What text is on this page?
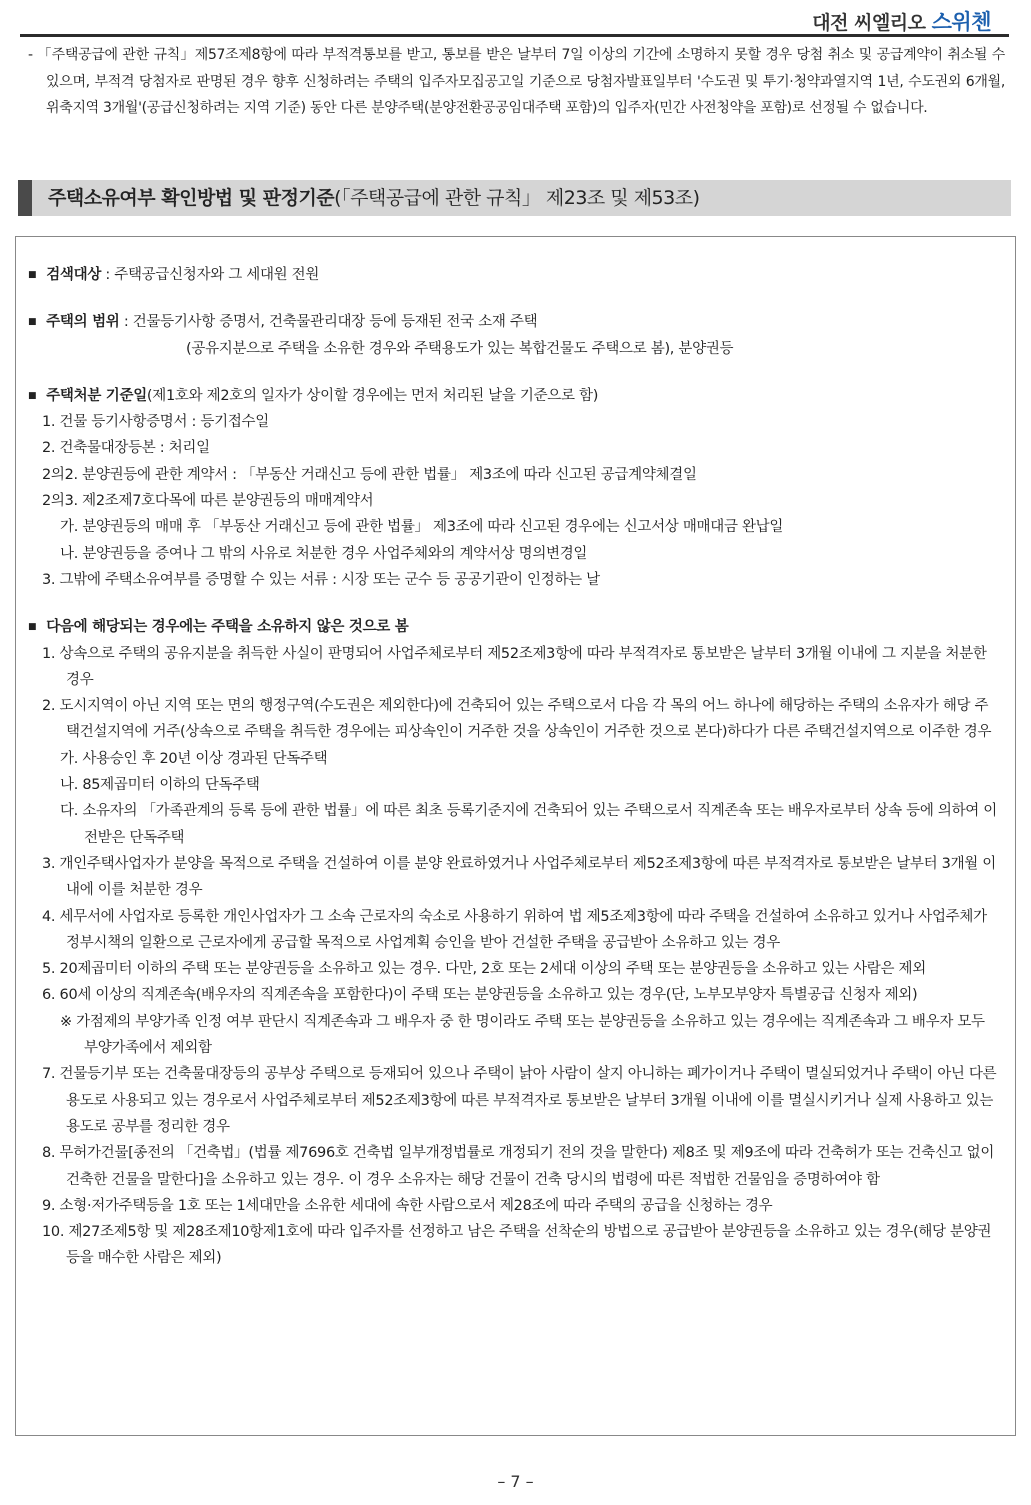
대전 씨엘리오 스위첸

- 「주택공급에 관한 규칙」제57조제8항에 따라 부적격통보를 받고, 통보를 받은 날부터 7일 이상의 기간에 소명하지 못할 경우 당첨 취소 및 공급계약이 취소될 수 있으며, 부적격 당첨자로 판명된 경우 향후 신청하려는 주택의 입주자모집공고일 기준으로 당첨자발표일부터 '수도권 및 투기·청약과열지역 1년, 수도권외 6개월, 위축지역 3개월'(공급신청하려는 지역 기준) 동안 다른 분양주택(분양전환공공임대주택 포함)의 입주자(민간 사전청약을 포함)로 선정될 수 없습니다.

주택소유여부 확인방법 및 판정기준(「주택공급에 관한 규칙」 제23조 및 제53조)
■ 검색대상 : 주택공급신청자와 그 세대원 전원
■ 주택의 범위 : 건물등기사항 증명서, 건축물관리대장 등에 등재된 전국 소재 주택
(공유지분으로 주택을 소유한 경우와 주택용도가 있는 복합건물도 주택으로 봄), 분양권등
■ 주택처분 기준일(제1호와 제2호의 일자가 상이할 경우에는 먼저 처리된 날을 기준으로 함)
1. 건물 등기사항증명서 : 등기접수일
2. 건축물대장등본 : 처리일
2의2. 분양권등에 관한 계약서 : 「부동산 거래신고 등에 관한 법률」 제3조에 따라 신고된 공급계약체결일
2의3. 제2조제7호다목에 따른 분양권등의 매매계약서
가. 분양권등의 매매 후 「부동산 거래신고 등에 관한 법률」 제3조에 따라 신고된 경우에는 신고서상 매매대금 완납일
나. 분양권등을 증여나 그 밖의 사유로 처분한 경우 사업주체와의 계약서상 명의변경일
3. 그밖에 주택소유여부를 증명할 수 있는 서류 : 시장 또는 군수 등 공공기관이 인정하는 날
■ 다음에 해당되는 경우에는 주택을 소유하지 않은 것으로 봄
1. 상속으로 주택의 공유지분을 취득한 사실이 판명되어 사업주체로부터 제52조제3항에 따라 부적격자로 통보받은 날부터 3개월 이내에 그 지분을 처분한 경우
2. 도시지역이 아닌 지역 또는 면의 행정구역(수도권은 제외한다)에 건축되어 있는 주택으로서 다음 각 목의 어느 하나에 해당하는 주택의 소유자가 해당 주택건설지역에 거주(상속으로 주택을 취득한 경우에는 피상속인이 거주한 것을 상속인이 거주한 것으로 본다)하다가 다른 주택건설지역으로 이주한 경우
가. 사용승인 후 20년 이상 경과된 단독주택
나. 85제곱미터 이하의 단독주택
다. 소유자의 「가족관계의 등록 등에 관한 법률」에 따른 최초 등록기준지에 건축되어 있는 주택으로서 직계존속 또는 배우자로부터 상속 등에 의하여 이전받은 단독주택
3. 개인주택사업자가 분양을 목적으로 주택을 건설하여 이를 분양 완료하였거나 사업주체로부터 제52조제3항에 따른 부적격자로 통보받은 날부터 3개월 이내에 이를 처분한 경우
4. 세무서에 사업자로 등록한 개인사업자가 그 소속 근로자의 숙소로 사용하기 위하여 법 제5조제3항에 따라 주택을 건설하여 소유하고 있거나 사업주체가 정부시책의 일환으로 근로자에게 공급할 목적으로 사업계획 승인을 받아 건설한 주택을 공급받아 소유하고 있는 경우
5. 20제곱미터 이하의 주택 또는 분양권등을 소유하고 있는 경우. 다만, 2호 또는 2세대 이상의 주택 또는 분양권등을 소유하고 있는 사람은 제외
6. 60세 이상의 직계존속(배우자의 직계존속을 포함한다)이 주택 또는 분양권등을 소유하고 있는 경우(단, 노부모부양자 특별공급 신청자 제외)
※ 가점제의 부양가족 인정 여부 판단시 직계존속과 그 배우자 중 한 명이라도 주택 또는 분양권등을 소유하고 있는 경우에는 직계존속과 그 배우자 모두 부양가족에서 제외함
7. 건물등기부 또는 건축물대장등의 공부상 주택으로 등재되어 있으나 주택이 낡아 사람이 살지 아니하는 폐가이거나 주택이 멸실되었거나 주택이 아닌 다른 용도로 사용되고 있는 경우로서 사업주체로부터 제52조제3항에 따른 부적격자로 통보받은 날부터 3개월 이내에 이를 멸실시키거나 실제 사용하고 있는 용도로 공부를 정리한 경우
8. 무허가건물[종전의 「건축법」(법률 제7696호 건축법 일부개정법률로 개정되기 전의 것을 말한다) 제8조 및 제9조에 따라 건축허가 또는 건축신고 없이 건축한 건물을 말한다]을 소유하고 있는 경우. 이 경우 소유자는 해당 건물이 건축 당시의 법령에 따른 적법한 건물임을 증명하여야 함
9. 소형·저가주택등을 1호 또는 1세대만을 소유한 세대에 속한 사람으로서 제28조에 따라 주택의 공급을 신청하는 경우
10. 제27조제5항 및 제28조제10항제1호에 따라 입주자를 선정하고 남은 주택을 선착순의 방법으로 공급받아 분양권등을 소유하고 있는 경우(해당 분양권등을 매수한 사람은 제외)
– 7 –
